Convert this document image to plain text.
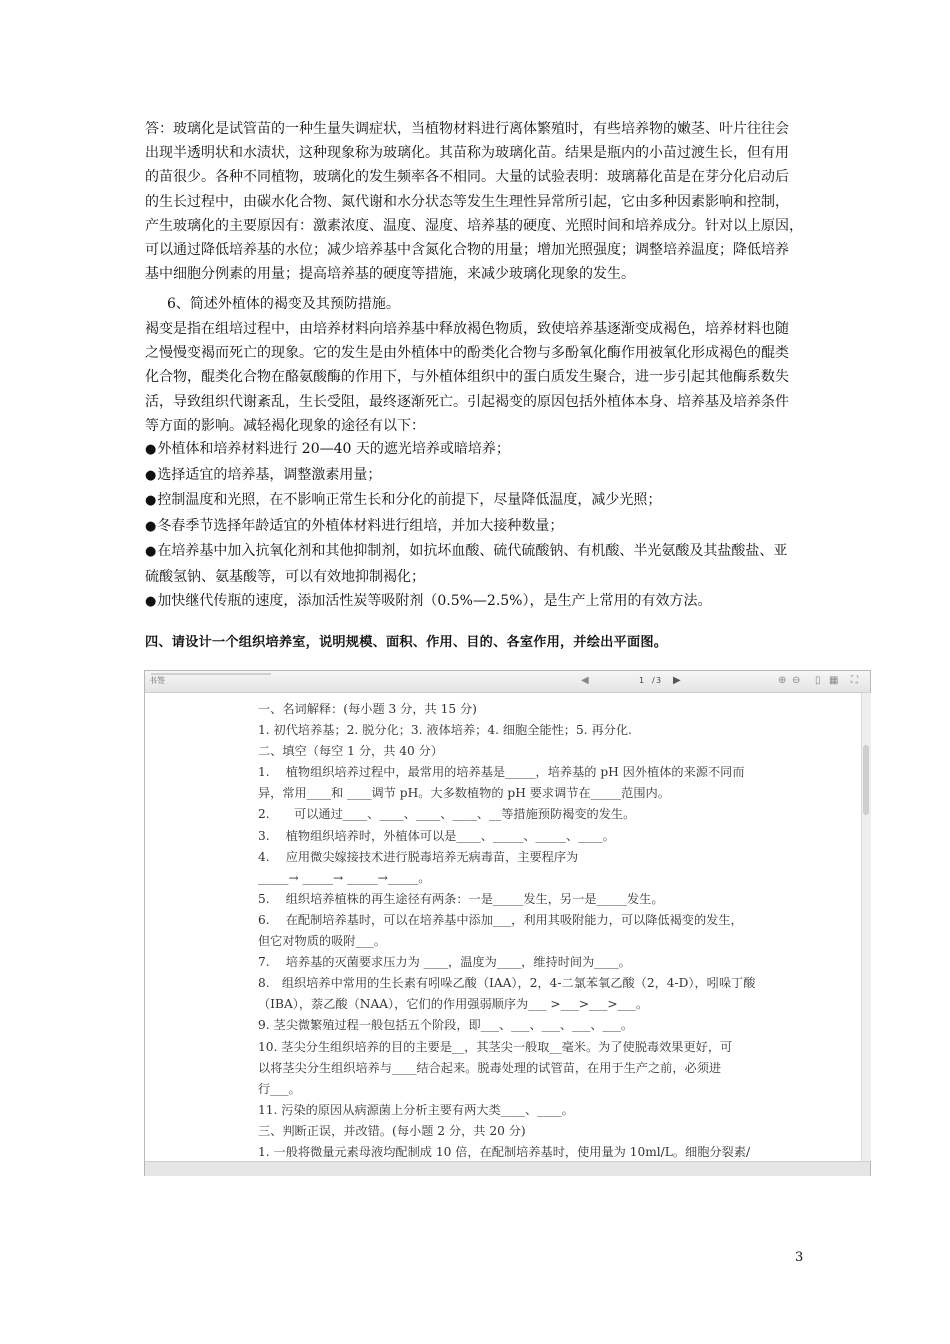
答：玻璃化是试管苗的一种生量失调症状，当植物材料进行离体繁殖时，有些培养物的嫩茎、叶片往往会
出现半透明状和水渍状，这种现象称为玻璃化。其苗称为玻璃化苗。结果是瓶内的小苗过渡生长，但有用
的苗很少。各种不同植物，玻璃化的发生频率各不相同。大量的试验表明：玻璃幕化苗是在芽分化启动后
的生长过程中，由碳水化合物、氮代谢和水分状态等发生生理性异常所引起，它由多种因素影响和控制，
产生玻璃化的主要原因有：激素浓度、温度、湿度、培养基的硬度、光照时间和培养成分。针对以上原因，
可以通过降低培养基的水位；减少培养基中含氮化合物的用量；增加光照强度；调整培养温度；降低培养
基中细胞分例素的用量；提高培养基的硬度等措施，来减少玻璃化现象的发生。
6、简述外植体的褐变及其预防措施。
褐变是指在组培过程中，由培养材料向培养基中释放褐色物质，致使培养基逐渐变成褐色，培养材料也随
之慢慢变褐而死亡的现象。它的发生是由外植体中的酚类化合物与多酚氧化酶作用被氧化形成褐色的醌类
化合物，醌类化合物在酪氨酸酶的作用下，与外植体组织中的蛋白质发生聚合，进一步引起其他酶系数失
活，导致组织代谢紊乱，生长受阻，最终逐渐死亡。引起褐变的原因包括外植体本身、培养基及培养条件
等方面的影响。减轻褐化现象的途径有以下：
●外植体和培养材料进行 20—40 天的遮光培养或暗培养；
●选择适宜的培养基，调整激素用量；
●控制温度和光照，在不影响正常生长和分化的前提下，尽量降低温度，减少光照；
●冬春季节选择年龄适宜的外植体材料进行组培，并加大接种数量；
●在培养基中加入抗氧化剂和其他抑制剂，如抗坏血酸、硫代硫酸钠、有机酸、半光氨酸及其盐酸盐、亚
硫酸氢钠、氨基酸等，可以有效地抑制褐化；
●加快继代传瓶的速度，添加活性炭等吸附剂（0.5%—2.5%），是生产上常用的有效方法。
四、请设计一个组织培养室，说明规模、面积、作用、目的、各室作用，并绘出平面图。
书签	◀	1 / 3 ▶	⊕ ⊖ ▯ ▦ ⛶
一、名词解释：(每小题 3 分，共 15 分)
1. 初代培养基；2. 脱分化；3. 液体培养；4. 细胞全能性；5. 再分化.
二、填空（每空 1 分，共 40 分）
1.　 植物组织培养过程中，最常用的培养基是_____，培养基的 pH 因外植体的来源不同而
异，常用____和 ____调节 pH。大多数植物的 pH 要求调节在_____范围内。
2.　　可以通过____、____、____、____、__等措施预防褐变的发生。
3.　 植物组织培养时，外植体可以是____、_____、_____、____。
4.　 应用微尖嫁接技术进行脱毒培养无病毒苗，主要程序为
_____→ _____→ _____→_____。
5.　 组织培养植株的再生途径有两条：一是_____发生，另一是_____发生。
6.　 在配制培养基时，可以在培养基中添加___，利用其吸附能力，可以降低褐变的发生，
但它对物质的吸附___。
7.　 培养基的灭菌要求压力为 ____，温度为____，维持时间为____。
8.　组织培养中常用的生长素有吲哚乙酸（IAA），2，4-二氯苯氧乙酸（2，4-D），吲哚丁酸
（IBA），萘乙酸（NAA），它们的作用强弱顺序为___ >___>___>___。
9. 茎尖微繁殖过程一般包括五个阶段，即___、___、___、___、___。
10. 茎尖分生组织培养的目的主要是__，其茎尖一般取__毫米。为了使脱毒效果更好，可
以将茎尖分生组织培养与____结合起来。脱毒处理的试管苗，在用于生产之前，必须进
行___。
11. 污染的原因从病源菌上分析主要有两大类____、____。
三、判断正误，并改错。(每小题 2 分，共 20 分)
1. 一般将微量元素母液均配制成 10 倍，在配制培养基时，使用量为 10ml/L。细胞分裂素/
3
